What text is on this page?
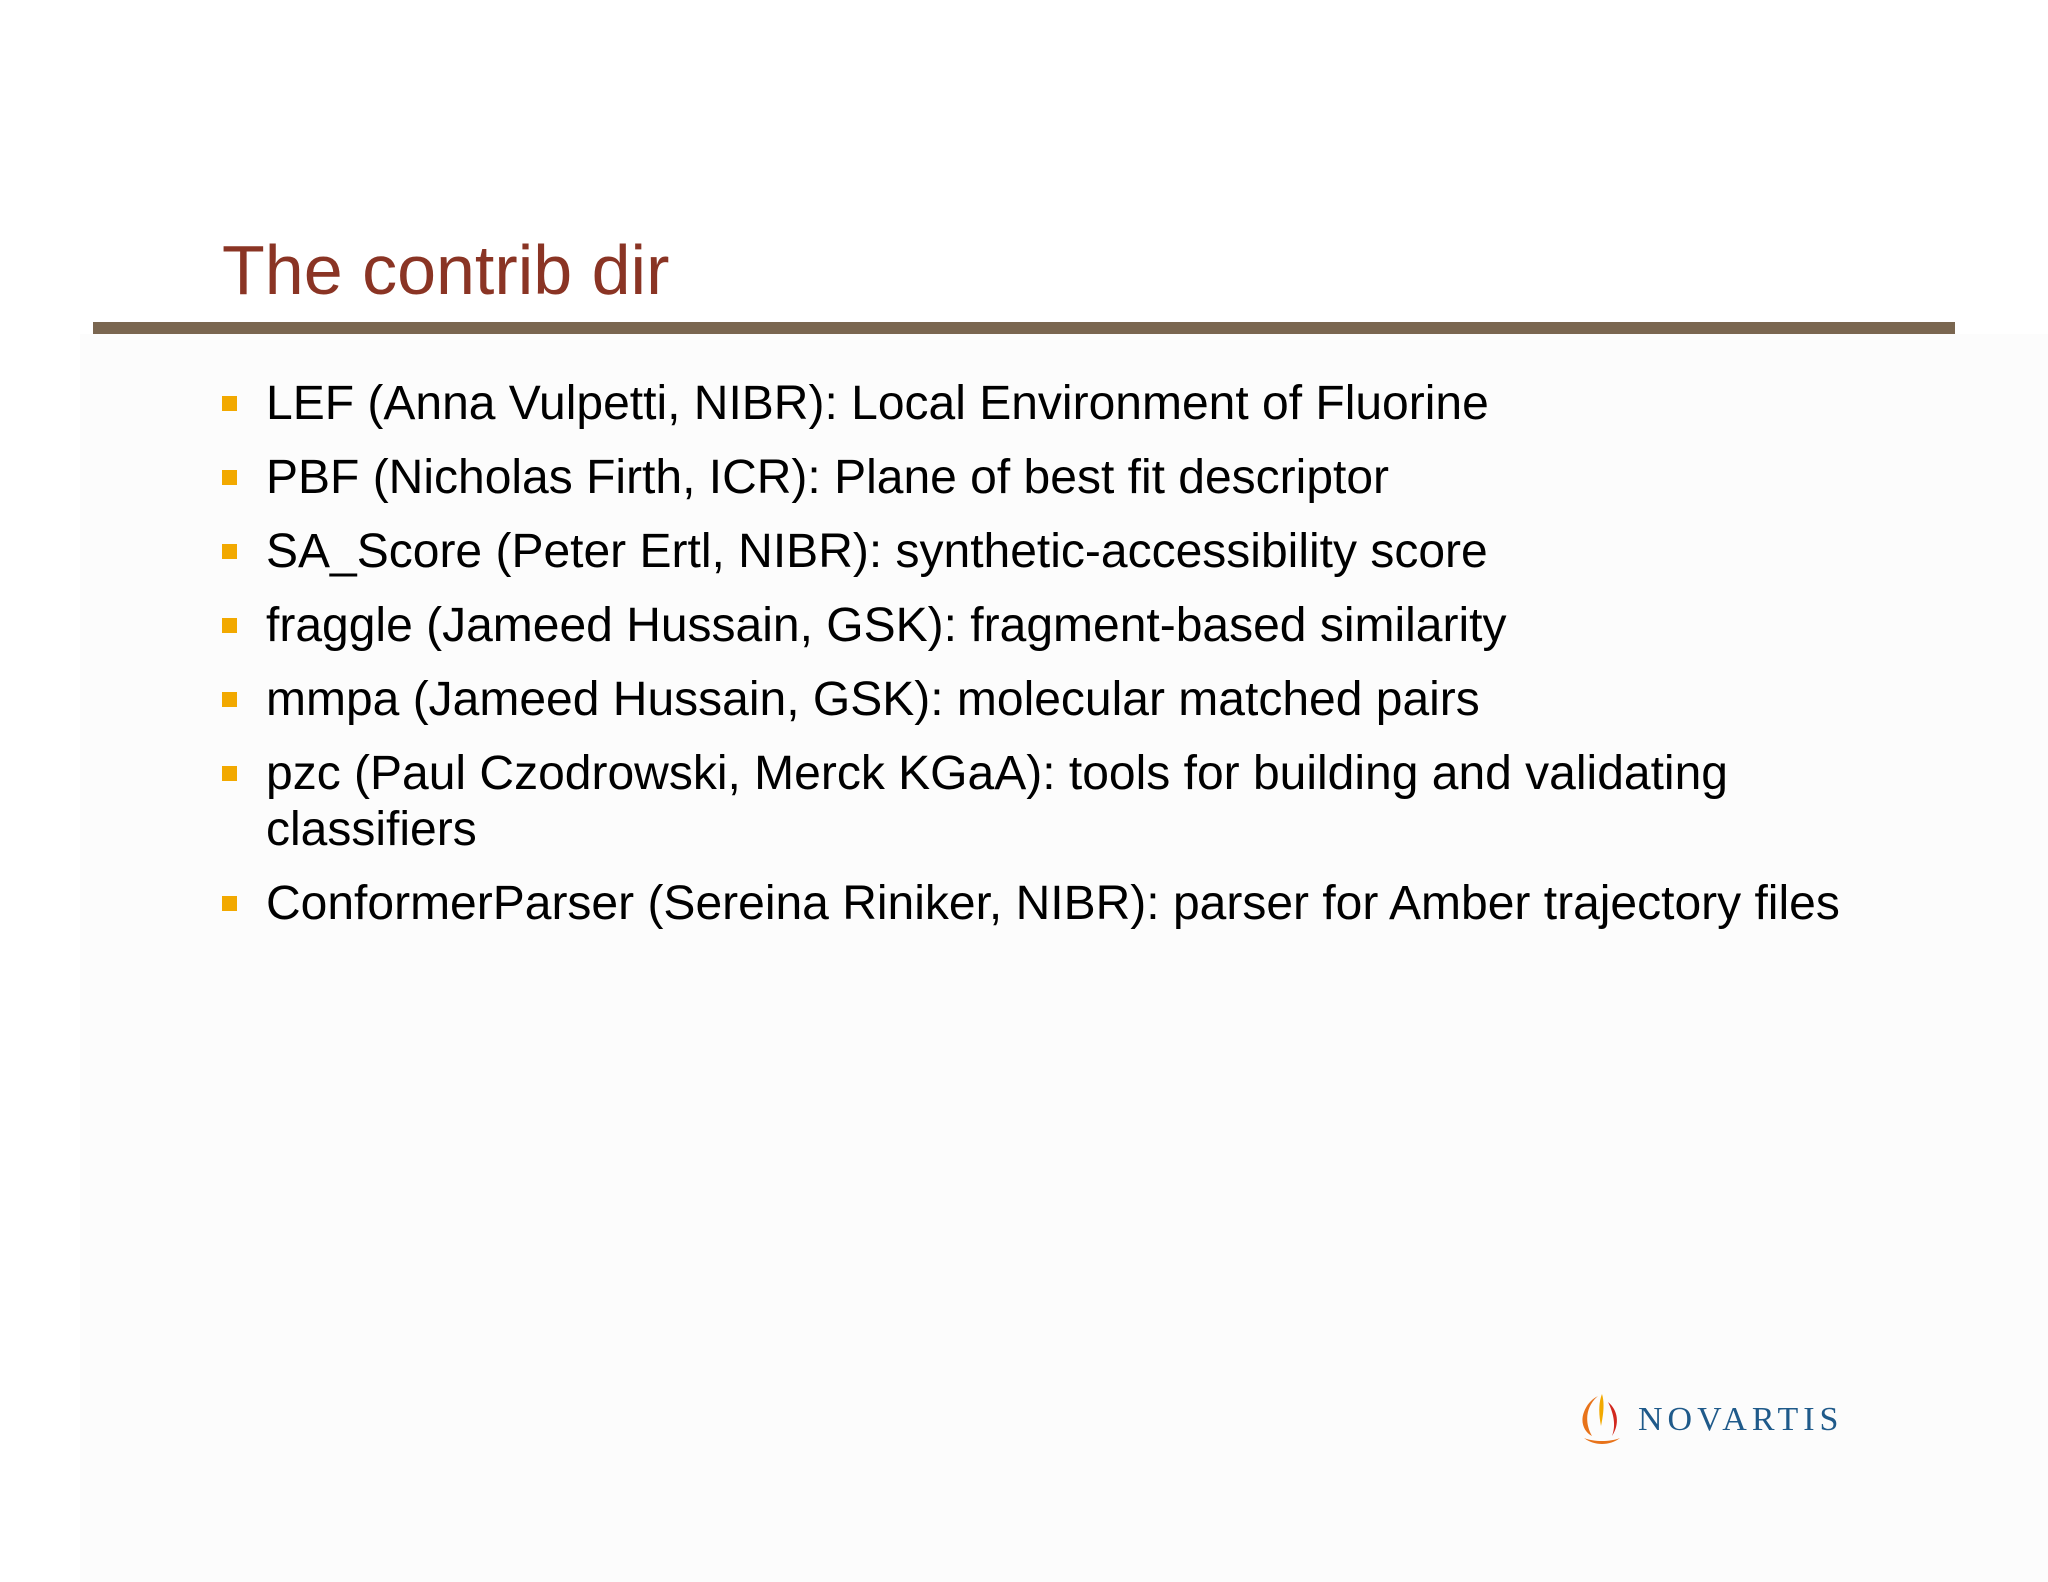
The contrib dir
LEF (Anna Vulpetti, NIBR): Local Environment of Fluorine
PBF (Nicholas Firth, ICR): Plane of best fit descriptor
SA_Score (Peter Ertl, NIBR): synthetic-accessibility score
fraggle (Jameed Hussain, GSK): fragment-based similarity
mmpa (Jameed Hussain, GSK): molecular matched pairs
pzc (Paul Czodrowski, Merck KGaA): tools for building and validating classifiers
ConformerParser (Sereina Riniker, NIBR): parser for Amber trajectory files
NOVARTIS
